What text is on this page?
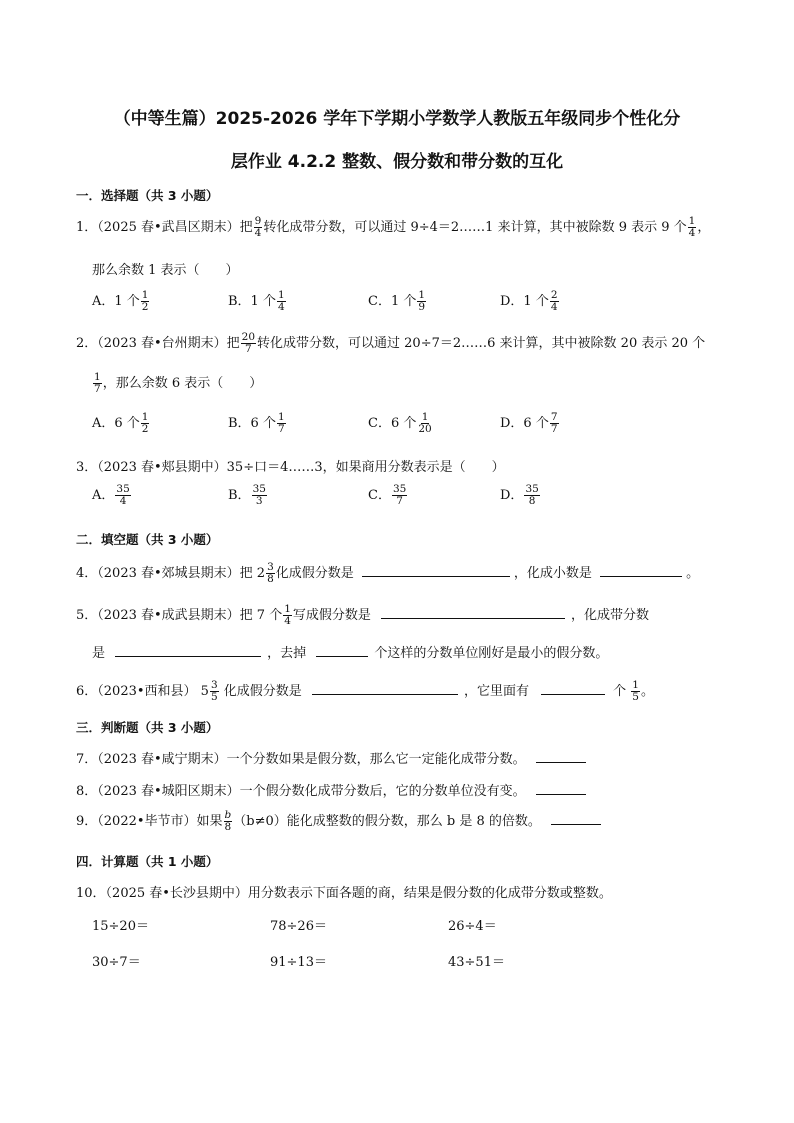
（中等生篇）2025-2026 学年下学期小学数学人教版五年级同步个性化分
层作业 4.2.2 整数、假分数和带分数的互化
一．选择题（共 3 小题）
1．（2025 春•武昌区期末）把 $\frac{9}{4}$ 转化成带分数，可以通过 9÷4＝2……1 来计算，其中被除数 9 表示 9 个 $\frac{1}{4}$ ，
那么余数 1 表示（　　）
A．1 个 $\frac{1}{2}$	B．1 个 $\frac{1}{4}$	C．1 个 $\frac{1}{9}$	D．1 个 $\frac{2}{4}$
2．（2023 春•台州期末）把 $\frac{20}{7}$ 转化成带分数，可以通过 20÷7＝2……6 来计算，其中被除数 20 表示 20 个
$\frac{1}{7}$ ，那么余数 6 表示（　　）
A．6 个 $\frac{1}{2}$	B．6 个 $\frac{1}{7}$	C．6 个 $\frac{1}{20}$	D．6 个 $\frac{7}{7}$
3．（2023 春•郏县期中）35÷口＝4……3，如果商用分数表示是（　　）
A． $\frac{35}{4}$	B． $\frac{35}{3}$	C． $\frac{35}{7}$	D． $\frac{35}{8}$
二．填空题（共 3 小题）
4．（2023 春•郊城县期末）把 $2 \frac{3}{8}$ 化成假分数是	，化成小数是	。
5．（2023 春•成武县期末）把 7 个 $\frac{1}{4}$ 写成假分数是	，化成带分数
是	，去掉	个这样的分数单位刚好是最小的假分数。
6．（2023•西和县） $5 \frac{3}{5}$ 化成假分数是	，它里面有	个 $\frac{1}{5}$ 。
三．判断题（共 3 小题）
7．（2023 春•咸宁期末）一个分数如果是假分数，那么它一定能化成带分数。
8．（2023 春•城阳区期末）一个假分数化成带分数后，它的分数单位没有变。
9．（2022•毕节市）如果 $\frac{b}{8} (b\ne 0)$能化成整数的假分数，那么 b 是 8 的倍数。
四．计算题（共 1 小题）
10．（2025 春•长沙县期中）用分数表示下面各题的商，结果是假分数的化成带分数或整数。
15÷20＝	78÷26＝	26÷4＝
30÷7＝	91÷13＝	43÷51＝
